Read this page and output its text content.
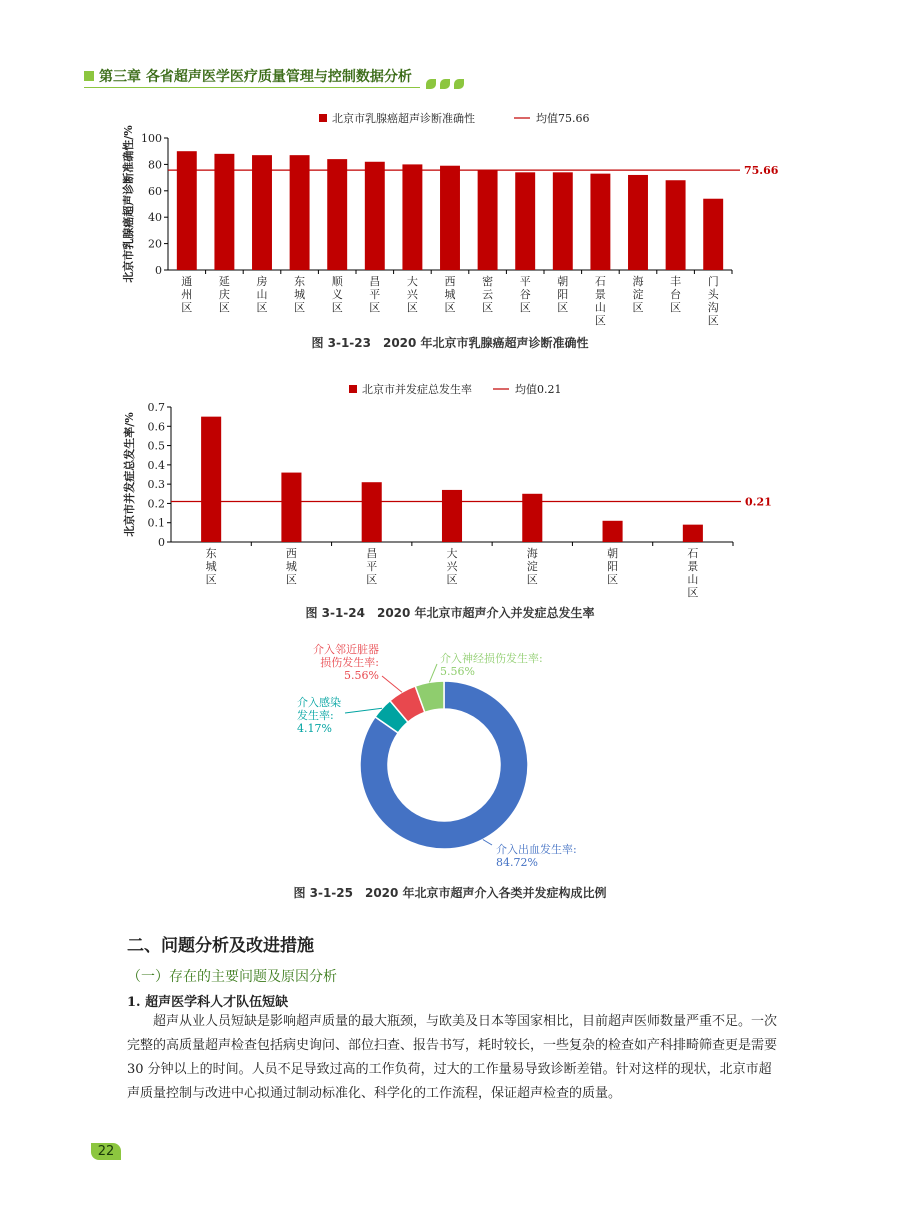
第三章 各省超声医学医疗质量管理与控制数据分析
北京市乳腺癌超声诊断准确性	均值75.66
北京市乳腺癌超声诊断准确性/% 0
20
40
60
80
100
通州区
延庆区
房山区
东城区
顺义区
昌平区
大兴区
西城区
密云区
平谷区
朝阳区
石景山区
海淀区
丰台区
门头沟区
75.66
图 3-1-23　2020 年北京市乳腺癌超声诊断准确性
北京市并发症总发生率	均值0.21
北京市并发症总发生率/%
0
0.1
0.2
0.3
0.4
0.5
0.6
0.7
东城区
西城区
昌平区
大兴区
海淀区
朝阳区
石景山区
0.21
图 3-1-24　2020 年北京市超声介入并发症总发生率
介入出血发生率: 84.72%
介入感染发生率: 4.17%
介入邻近脏器损伤发生率: 5.56%
介入神经损伤发生率: 5.56%
图 3-1-25　2020 年北京市超声介入各类并发症构成比例
二、问题分析及改进措施
（一）存在的主要问题及原因分析
1. 超声医学科人才队伍短缺
超声从业人员短缺是影响超声质量的最大瓶颈，与欧美及日本等国家相比，目前超声医师数量严重不足。一次完整的高质量超声检查包括病史询问、部位扫查、报告书写，耗时较长，一些复杂的检查如产科排畸筛查更是需要 30 分钟以上的时间。人员不足导致过高的工作负荷，过大的工作量易导致诊断差错。针对这样的现状，北京市超声质量控制与改进中心拟通过制动标准化、科学化的工作流程，保证超声检查的质量。
22
